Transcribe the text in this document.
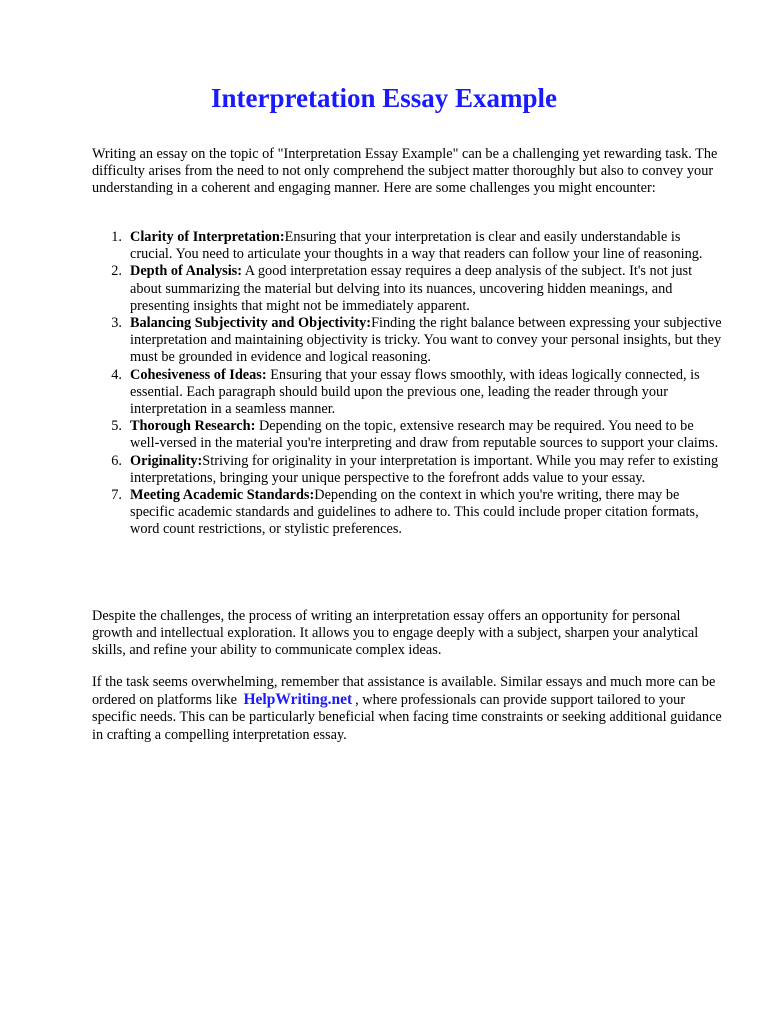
Interpretation Essay Example

Writing an essay on the topic of "Interpretation Essay Example" can be a challenging yet rewarding task. The difficulty arises from the need to not only comprehend the subject matter thoroughly but also to convey your understanding in a coherent and engaging manner. Here are some challenges you might encounter:

1. Clarity of Interpretation:Ensuring that your interpretation is clear and easily understandable is crucial. You need to articulate your thoughts in a way that readers can follow your line of reasoning.
2. Depth of Analysis: A good interpretation essay requires a deep analysis of the subject. It's not just about summarizing the material but delving into its nuances, uncovering hidden meanings, and presenting insights that might not be immediately apparent.
3. Balancing Subjectivity and Objectivity:Finding the right balance between expressing your subjective interpretation and maintaining objectivity is tricky. You want to convey your personal insights, but they must be grounded in evidence and logical reasoning.
4. Cohesiveness of Ideas: Ensuring that your essay flows smoothly, with ideas logically connected, is essential. Each paragraph should build upon the previous one, leading the reader through your interpretation in a seamless manner.
5. Thorough Research: Depending on the topic, extensive research may be required. You need to be well-versed in the material you're interpreting and draw from reputable sources to support your claims.
6. Originality:Striving for originality in your interpretation is important. While you may refer to existing interpretations, bringing your unique perspective to the forefront adds value to your essay.
7. Meeting Academic Standards:Depending on the context in which you're writing, there may be specific academic standards and guidelines to adhere to. This could include proper citation formats, word count restrictions, or stylistic preferences.

Despite the challenges, the process of writing an interpretation essay offers an opportunity for personal growth and intellectual exploration. It allows you to engage deeply with a subject, sharpen your analytical skills, and refine your ability to communicate complex ideas.

If the task seems overwhelming, remember that assistance is available. Similar essays and much more can be ordered on platforms like HelpWriting.net , where professionals can provide support tailored to your specific needs. This can be particularly beneficial when facing time constraints or seeking additional guidance in crafting a compelling interpretation essay.
